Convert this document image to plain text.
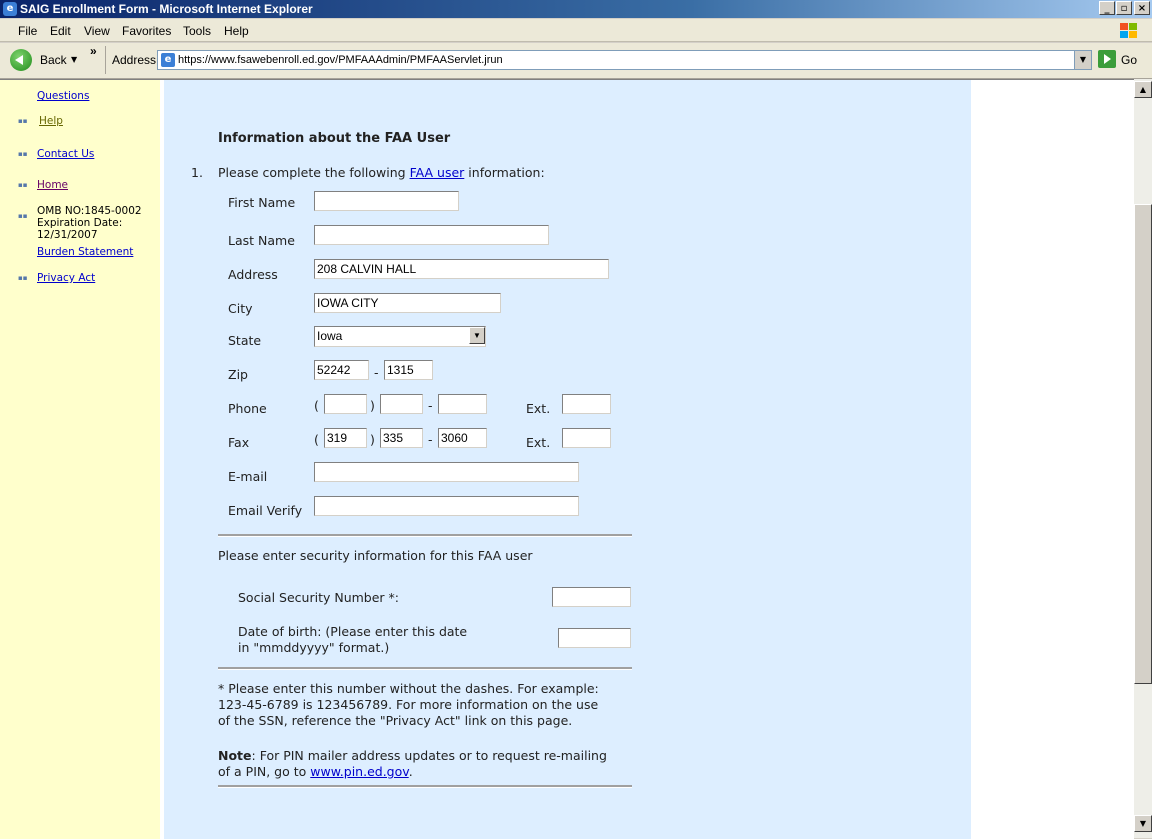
e SAIG Enrollment Form - Microsoft Internet Explorer	_	▫	×
File Edit View Favorites Tools Help
Back ▼
»
Address e https://www.fsawebenroll.ed.gov/PMFAAAdmin/PMFAAServlet.jrun	▼	Go
Questions
▪▪ Help
▪▪ Contact Us
▪▪ Home
▪▪ OMB NO:1845-0002
Expiration Date:
12/31/2007
Burden Statement
▪▪ Privacy Act
Information about the FAA User
1. Please complete the following FAA user information:
First Name
Last Name
Address	208 CALVIN HALL
City	IOWA CITY
State	Iowa	▼
Zip	52242	- 1315
Phone	(	)	-	Ext.
Fax	( 319	) 335	- 3060	Ext.
E-mail
Email Verify
Please enter security information for this FAA user
Social Security Number *:
Date of birth: (Please enter this date
in "mmddyyyy" format.)
* Please enter this number without the dashes. For example:
123-45-6789 is 123456789. For more information on the use
of the SSN, reference the "Privacy Act" link on this page.
Note: For PIN mailer address updates or to request re-mailing
of a PIN, go to www.pin.ed.gov.
▲
▼
